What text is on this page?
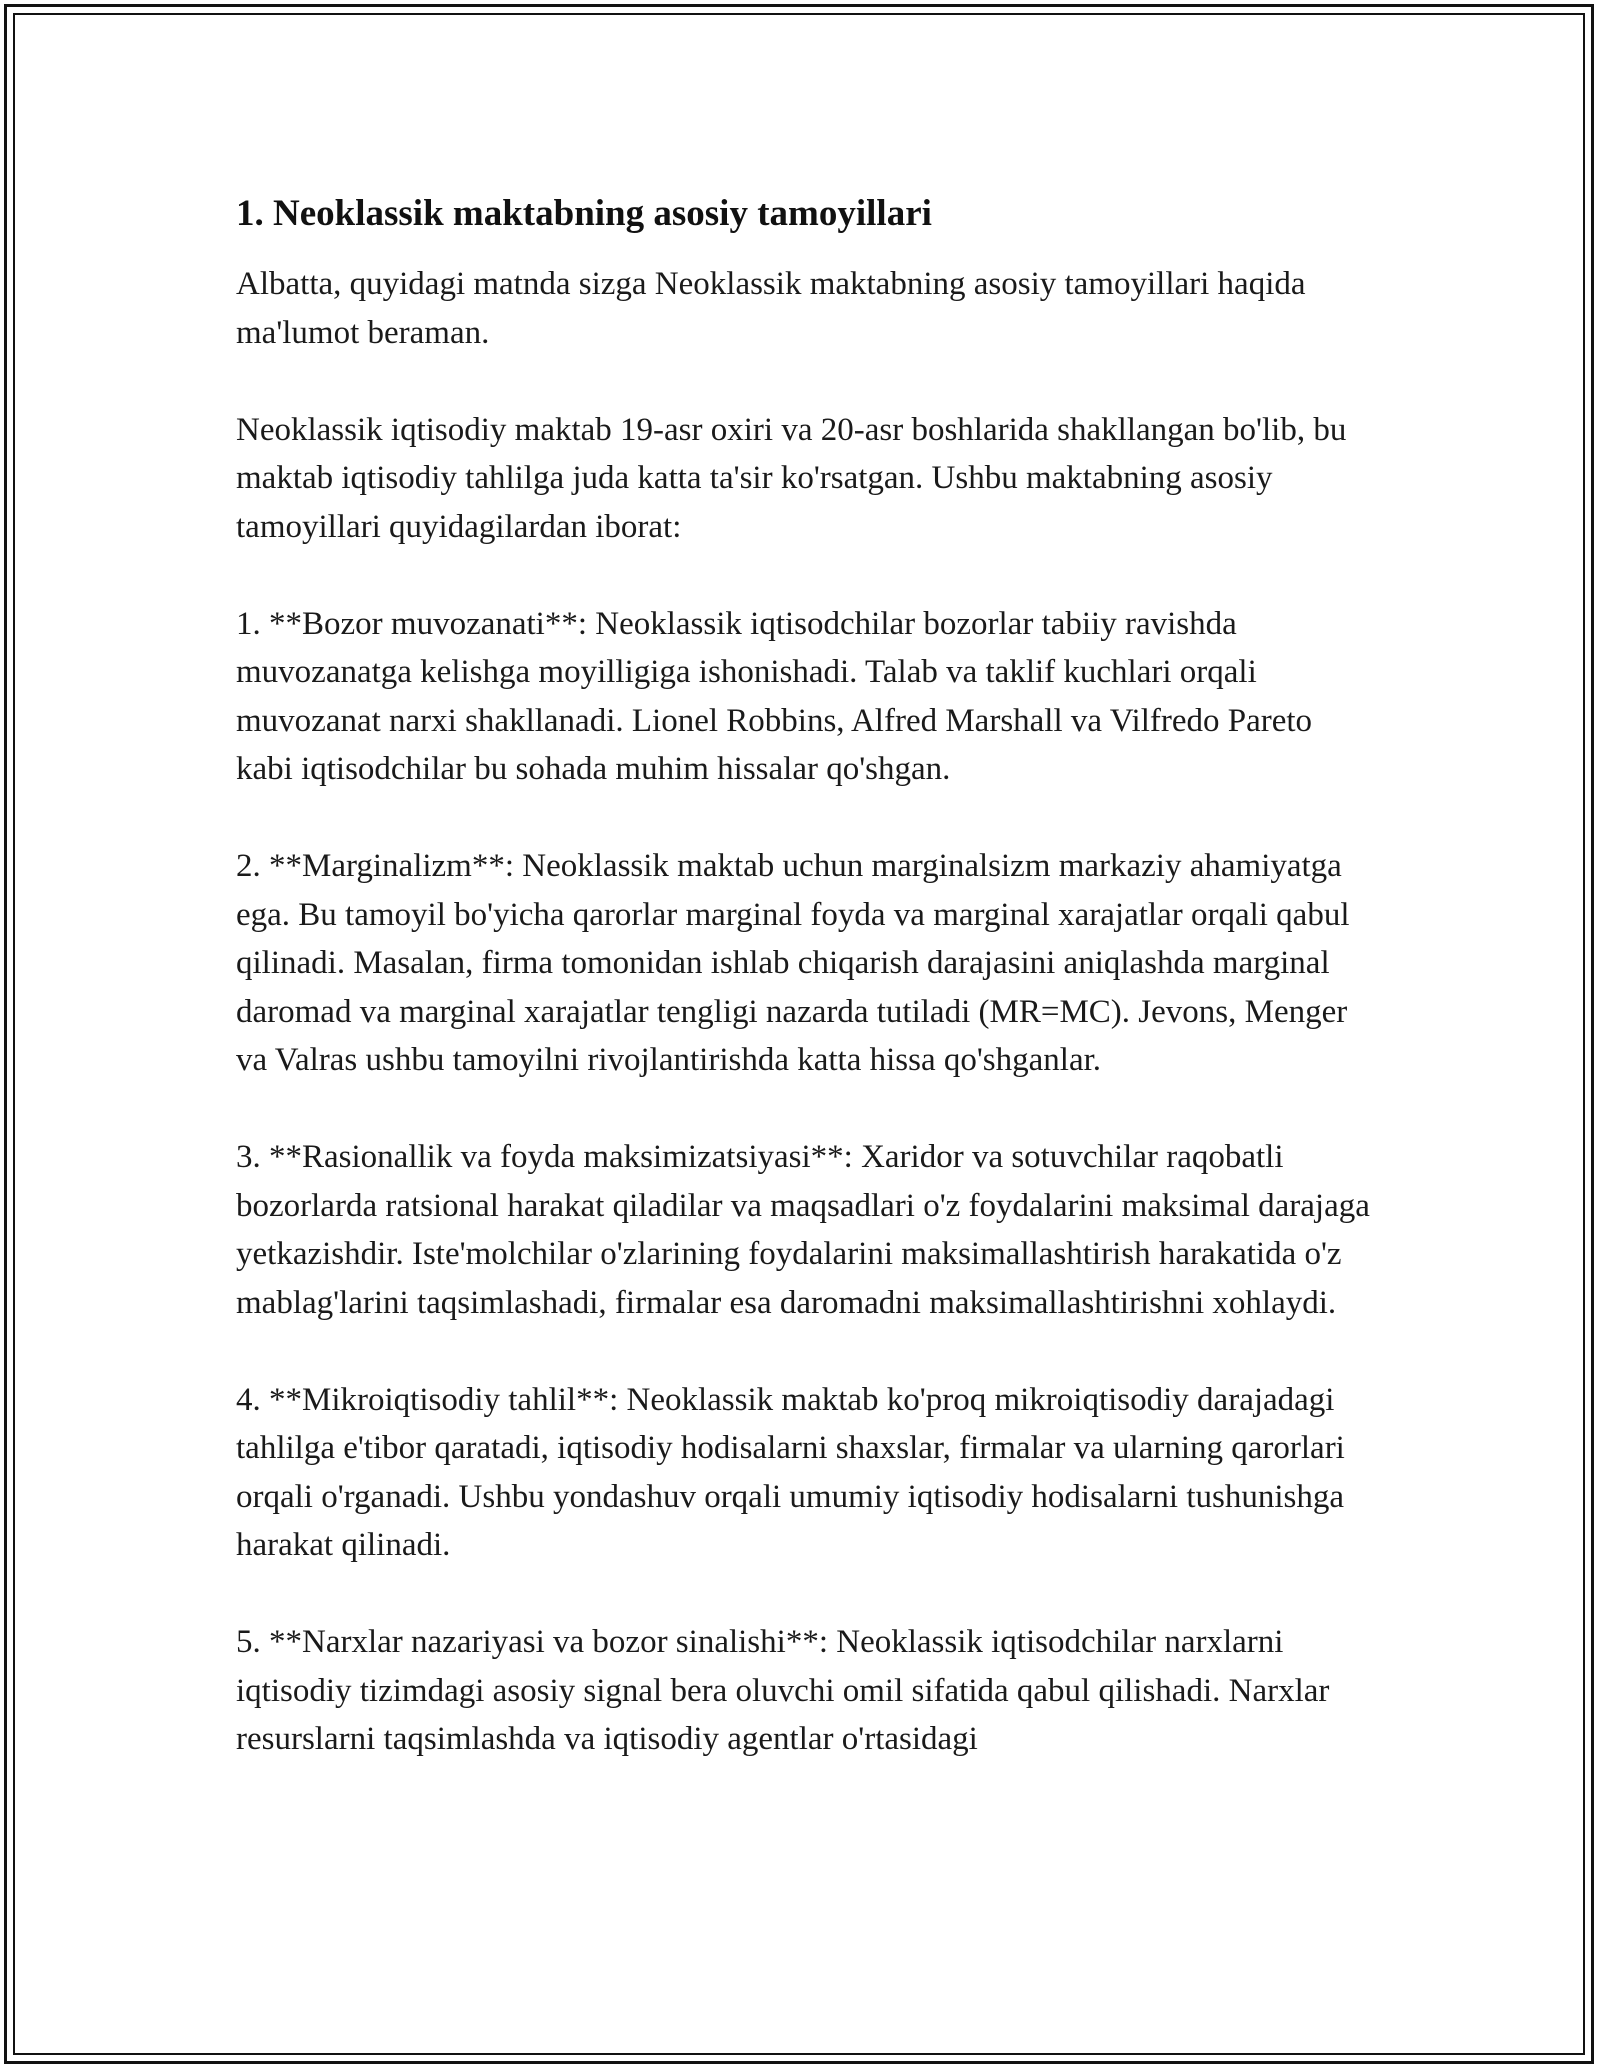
1. Neoklassik maktabning asosiy tamoyillari

Albatta, quyidagi matnda sizga Neoklassik maktabning asosiy tamoyillari haqida ma'lumot beraman.

Neoklassik iqtisodiy maktab 19-asr oxiri va 20-asr boshlarida shakllangan bo'lib, bu maktab iqtisodiy tahlilga juda katta ta'sir ko'rsatgan. Ushbu maktabning asosiy tamoyillari quyidagilardan iborat:

1. **Bozor muvozanati**: Neoklassik iqtisodchilar bozorlar tabiiy ravishda muvozanatga kelishga moyilligiga ishonishadi. Talab va taklif kuchlari orqali muvozanat narxi shakllanadi. Lionel Robbins, Alfred Marshall va Vilfredo Pareto kabi iqtisodchilar bu sohada muhim hissalar qo'shgan.

2. **Marginalizm**: Neoklassik maktab uchun marginalsizm markaziy ahamiyatga ega. Bu tamoyil bo'yicha qarorlar marginal foyda va marginal xarajatlar orqali qabul qilinadi. Masalan, firma tomonidan ishlab chiqarish darajasini aniqlashda marginal daromad va marginal xarajatlar tengligi nazarda tutiladi (MR=MC). Jevons, Menger va Valras ushbu tamoyilni rivojlantirishda katta hissa qo'shganlar.

3. **Rasionallik va foyda maksimizatsiyasi**: Xaridor va sotuvchilar raqobatli bozorlarda ratsional harakat qiladilar va maqsadlari o'z foydalarini maksimal darajaga yetkazishdir. Iste'molchilar o'zlarining foydalarini maksimallashtirish harakatida o'z mablag'larini taqsimlashadi, firmalar esa daromadni maksimallashtirishni xohlaydi.

4. **Mikroiqtisodiy tahlil**: Neoklassik maktab ko'proq mikroiqtisodiy darajadagi tahlilga e'tibor qaratadi, iqtisodiy hodisalarni shaxslar, firmalar va ularning qarorlari orqali o'rganadi. Ushbu yondashuv orqali umumiy iqtisodiy hodisalarni tushunishga harakat qilinadi.

5. **Narxlar nazariyasi va bozor sinalishi**: Neoklassik iqtisodchilar narxlarni iqtisodiy tizimdagi asosiy signal bera oluvchi omil sifatida qabul qilishadi. Narxlar resurslarni taqsimlashda va iqtisodiy agentlar o'rtasidagi
